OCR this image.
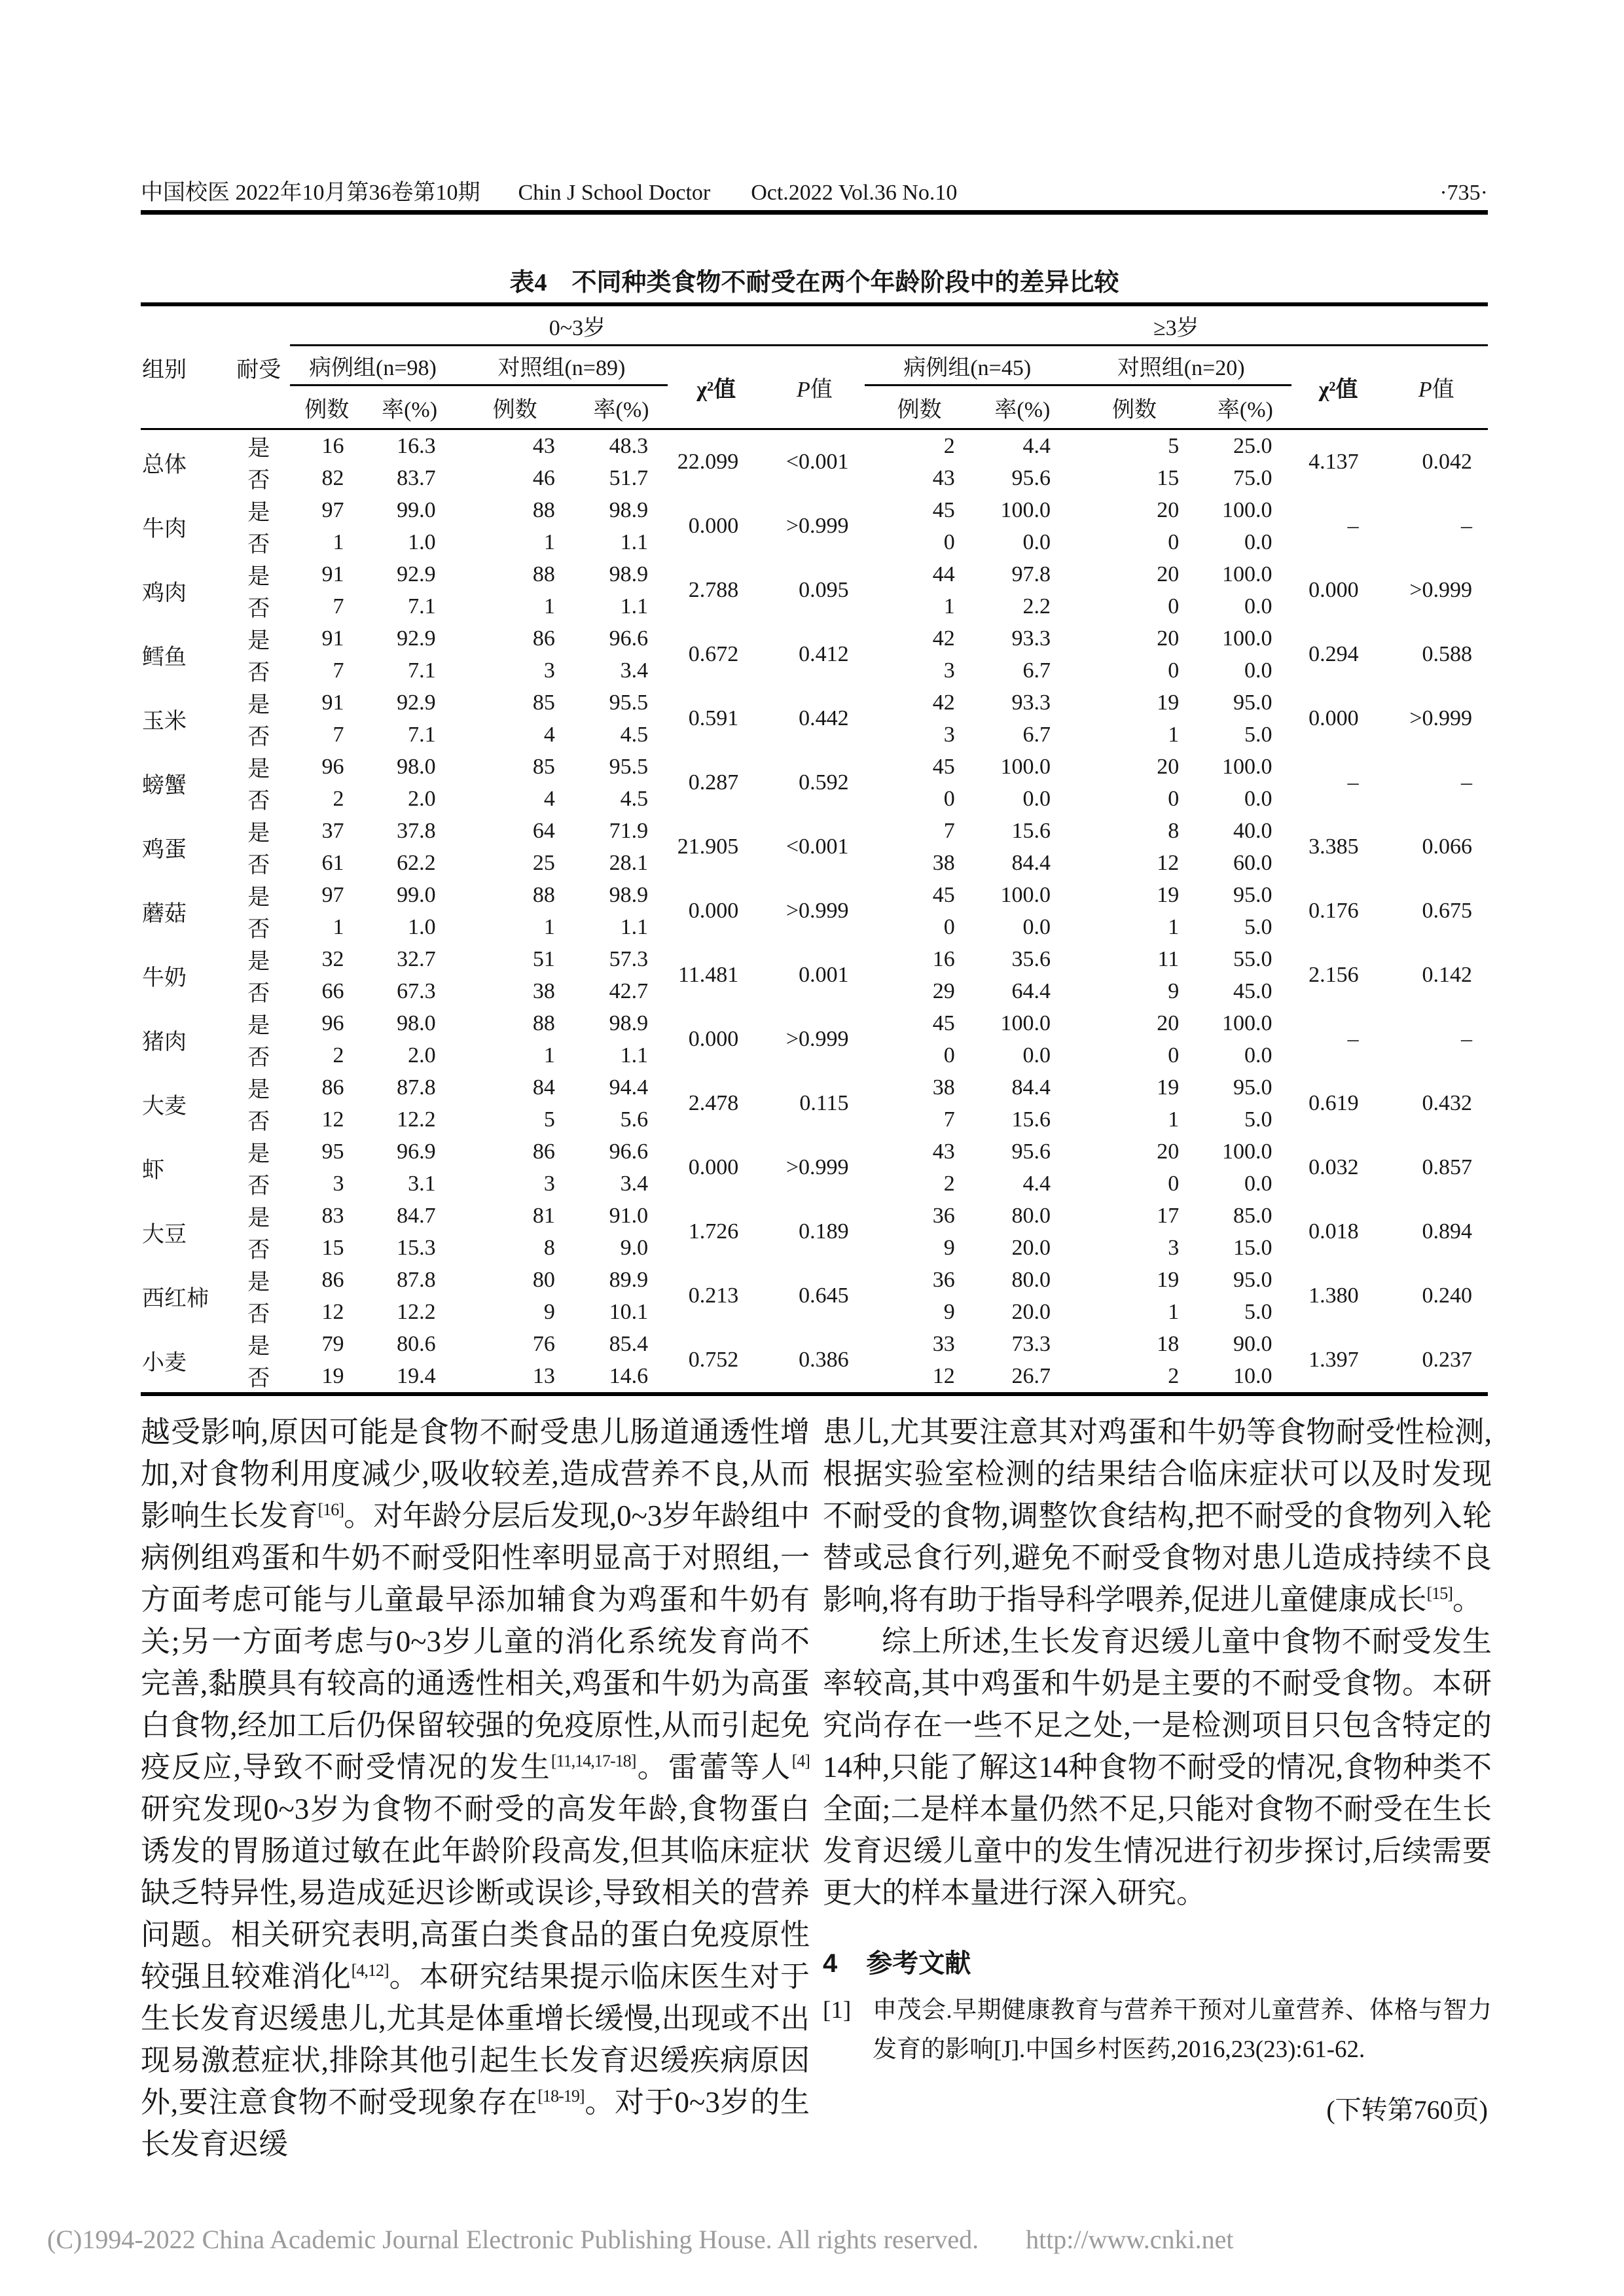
中国校医 2022年10月第36卷第10期 Chin J School Doctor Oct.2022 Vol.36 No.10	·735·
表4　不同种类食物不耐受在两个年龄阶段中的差异比较
组别	耐受	0~3岁						≥3岁					
		病例组(n=98)		对照组(n=89)		χ²值	P值	病例组(n=45)		对照组(n=20)		χ²值	P值
		例数	率(%)	例数	率(%)			例数	率(%)	例数	率(%)		
总体	是	16	16.3	43	48.3	22.099	<0.001	2	4.4	5	25.0	4.137	0.042
	否	82	83.7	46	51.7			43	95.6	15	75.0		
牛肉	是	97	99.0	88	98.9	0.000	>0.999	45	100.0	20	100.0	–	–
	否	1	1.0	1	1.1			0	0.0	0	0.0		
鸡肉	是	91	92.9	88	98.9	2.788	0.095	44	97.8	20	100.0	0.000	>0.999
	否	7	7.1	1	1.1			1	2.2	0	0.0		
鳕鱼	是	91	92.9	86	96.6	0.672	0.412	42	93.3	20	100.0	0.294	0.588
	否	7	7.1	3	3.4			3	6.7	0	0.0		
玉米	是	91	92.9	85	95.5	0.591	0.442	42	93.3	19	95.0	0.000	>0.999
	否	7	7.1	4	4.5			3	6.7	1	5.0		
螃蟹	是	96	98.0	85	95.5	0.287	0.592	45	100.0	20	100.0	–	–
	否	2	2.0	4	4.5			0	0.0	0	0.0		
鸡蛋	是	37	37.8	64	71.9	21.905	<0.001	7	15.6	8	40.0	3.385	0.066
	否	61	62.2	25	28.1			38	84.4	12	60.0		
蘑菇	是	97	99.0	88	98.9	0.000	>0.999	45	100.0	19	95.0	0.176	0.675
	否	1	1.0	1	1.1			0	0.0	1	5.0		
牛奶	是	32	32.7	51	57.3	11.481	0.001	16	35.6	11	55.0	2.156	0.142
	否	66	67.3	38	42.7			29	64.4	9	45.0		
猪肉	是	96	98.0	88	98.9	0.000	>0.999	45	100.0	20	100.0	–	–
	否	2	2.0	1	1.1			0	0.0	0	0.0		
大麦	是	86	87.8	84	94.4	2.478	0.115	38	84.4	19	95.0	0.619	0.432
	否	12	12.2	5	5.6			7	15.6	1	5.0		
虾	是	95	96.9	86	96.6	0.000	>0.999	43	95.6	20	100.0	0.032	0.857
	否	3	3.1	3	3.4			2	4.4	0	0.0		
大豆	是	83	84.7	81	91.0	1.726	0.189	36	80.0	17	85.0	0.018	0.894
	否	15	15.3	8	9.0			9	20.0	3	15.0		
西红柿	是	86	87.8	80	89.9	0.213	0.645	36	80.0	19	95.0	1.380	0.240
	否	12	12.2	9	10.1			9	20.0	1	5.0		
小麦	是	79	80.6	76	85.4	0.752	0.386	33	73.3	18	90.0	1.397	0.237
	否	19	19.4	13	14.6			12	26.7	2	10.0		

越受影响,原因可能是食物不耐受患儿肠道通透性增加,对食物利用度减少,吸收较差,造成营养不良,从而影响生长发育[16]。对年龄分层后发现,0~3岁年龄组中病例组鸡蛋和牛奶不耐受阳性率明显高于对照组,一方面考虑可能与儿童最早添加辅食为鸡蛋和牛奶有关;另一方面考虑与0~3岁儿童的消化系统发育尚不完善,黏膜具有较高的通透性相关,鸡蛋和牛奶为高蛋白食物,经加工后仍保留较强的免疫原性,从而引起免疫反应,导致不耐受情况的发生[11,14,17-18]。雷蕾等人[4]研究发现0~3岁为食物不耐受的高发年龄,食物蛋白诱发的胃肠道过敏在此年龄阶段高发,但其临床症状缺乏特异性,易造成延迟诊断或误诊,导致相关的营养问题。相关研究表明,高蛋白类食品的蛋白免疫原性较强且较难消化[4,12]。本研究结果提示临床医生对于生长发育迟缓患儿,尤其是体重增长缓慢,出现或不出现易激惹症状,排除其他引起生长发育迟缓疾病原因外,要注意食物不耐受现象存在[18-19]。对于0~3岁的生长发育迟缓

患儿,尤其要注意其对鸡蛋和牛奶等食物耐受性检测,根据实验室检测的结果结合临床症状可以及时发现不耐受的食物,调整饮食结构,把不耐受的食物列入轮替或忌食行列,避免不耐受食物对患儿造成持续不良影响,将有助于指导科学喂养,促进儿童健康成长[15]。

综上所述,生长发育迟缓儿童中食物不耐受发生率较高,其中鸡蛋和牛奶是主要的不耐受食物。本研究尚存在一些不足之处,一是检测项目只包含特定的14种,只能了解这14种食物不耐受的情况,食物种类不全面;二是样本量仍然不足,只能对食物不耐受在生长发育迟缓儿童中的发生情况进行初步探讨,后续需要更大的样本量进行深入研究。

4 参考文献
[1] 申茂会.早期健康教育与营养干预对儿童营养、体格与智力发育的影响[J].中国乡村医药,2016,23(23):61-62.
(下转第760页)
(C)1994-2022 China Academic Journal Electronic Publishing House. All rights reserved. http://www.cnki.net
